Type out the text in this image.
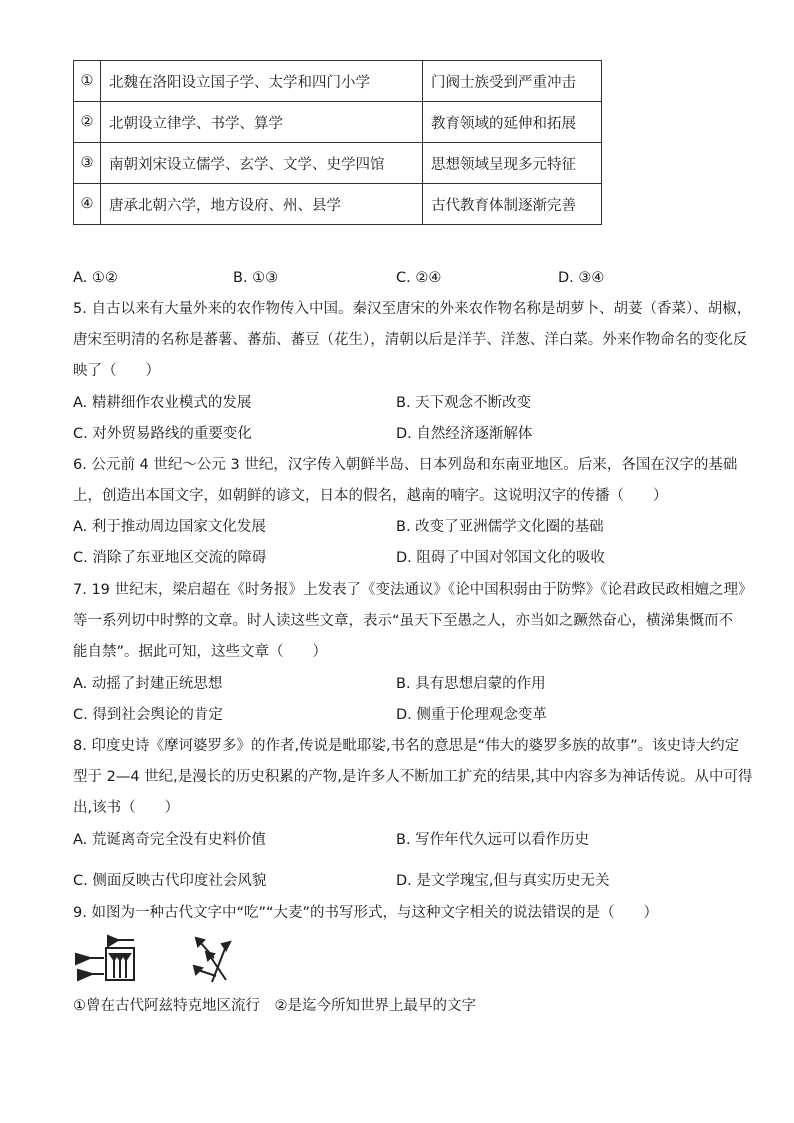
①	北魏在洛阳设立国子学、太学和四门小学	门阀士族受到严重冲击
②	北朝设立律学、书学、算学	教育领域的延伸和拓展
③	南朝刘宋设立儒学、玄学、文学、史学四馆	思想领域呈现多元特征
④	唐承北朝六学，地方设府、州、县学	古代教育体制逐渐完善
A. ①②	B. ①③	C. ②④	D. ③④
5. 自古以来有大量外来的农作物传入中国。秦汉至唐宋的外来农作物名称是胡萝卜、胡荽（香菜）、胡椒，
唐宋至明清的名称是蕃薯、蕃茄、蕃豆（花生），清朝以后是洋芋、洋葱、洋白菜。外来作物命名的变化反
映了（　　）
A. 精耕细作农业模式的发展	B. 天下观念不断改变
C. 对外贸易路线的重要变化	D. 自然经济逐渐解体
6. 公元前 4 世纪～公元 3 世纪，汉字传入朝鲜半岛、日本列岛和东南亚地区。后来，各国在汉字的基础
上，创造出本国文字，如朝鲜的谚文，日本的假名，越南的喃字。这说明汉字的传播（　　）
A. 利于推动周边国家文化发展	B. 改变了亚洲儒学文化圈的基础
C. 消除了东亚地区交流的障碍	D. 阻碍了中国对邻国文化的吸收
7. 19 世纪末，梁启超在《时务报》上发表了《变法通议》《论中国积弱由于防弊》《论君政民政相嬗之理》
等一系列切中时弊的文章。时人读这些文章，表示“虽天下至愚之人，亦当如之蹶然奋心，横涕集慨而不
能自禁”。据此可知，这些文章（　　）
A. 动摇了封建正统思想	B. 具有思想启蒙的作用
C. 得到社会舆论的肯定	D. 侧重于伦理观念变革
8. 印度史诗《摩诃婆罗多》的作者,传说是毗耶娑,书名的意思是“伟大的婆罗多族的故事”。该史诗大约定
型于 2—4 世纪,是漫长的历史积累的产物,是许多人不断加工扩充的结果,其中内容多为神话传说。从中可得
出,该书（　　）
A. 荒诞离奇完全没有史料价值	B. 写作年代久远可以看作历史
C. 侧面反映古代印度社会风貌	D. 是文学瑰宝,但与真实历史无关
9. 如图为一种古代文字中“吃”“大麦”的书写形式，与这种文字相关的说法错误的是（　　）
①曾在古代阿兹特克地区流行　②是迄今所知世界上最早的文字
